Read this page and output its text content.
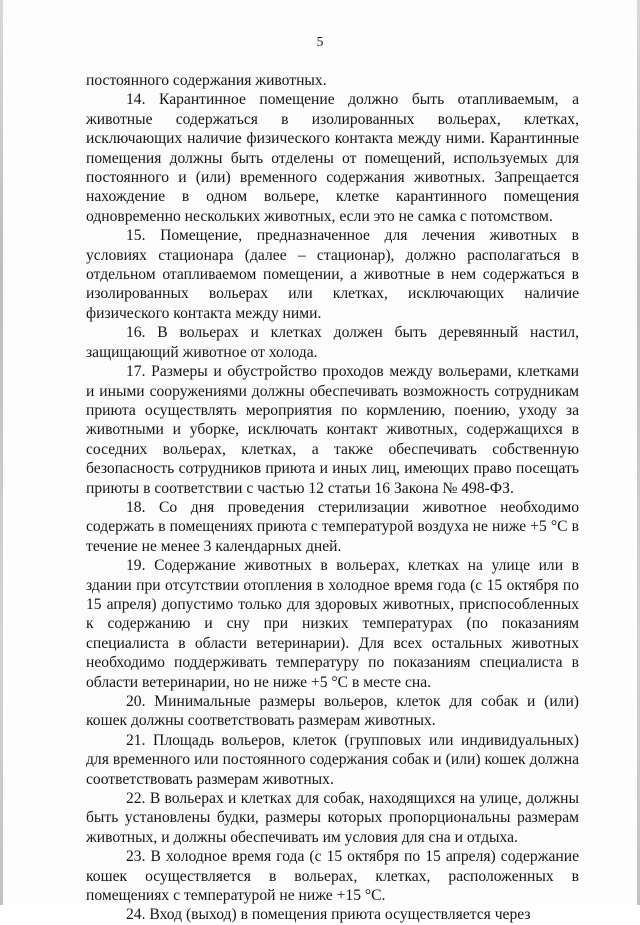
5

постоянного содержания животных.

14. Карантинное помещение должно быть отапливаемым, а животные содержаться в изолированных вольерах, клетках, исключающих наличие физического контакта между ними. Карантинные помещения должны быть отделены от помещений, используемых для постоянного и (или) временного содержания животных. Запрещается нахождение в одном вольере, клетке карантинного помещения одновременно нескольких животных, если это не самка с потомством.

15. Помещение, предназначенное для лечения животных в условиях стационара (далее – стационар), должно располагаться в отдельном отапливаемом помещении, а животные в нем содержаться в изолированных вольерах или клетках, исключающих наличие физического контакта между ними.

16. В вольерах и клетках должен быть деревянный настил, защищающий животное от холода.

17. Размеры и обустройство проходов между вольерами, клетками и иными сооружениями должны обеспечивать возможность сотрудникам приюта осуществлять мероприятия по кормлению, поению, уходу за животными и уборке, исключать контакт животных, содержащихся в соседних вольерах, клетках, а также обеспечивать собственную безопасность сотрудников приюта и иных лиц, имеющих право посещать приюты в соответствии с частью 12 статьи 16 Закона № 498-ФЗ.

18. Со дня проведения стерилизации животное необходимо содержать в помещениях приюта с температурой воздуха не ниже +5 °С в течение не менее 3 календарных дней.

19. Содержание животных в вольерах, клетках на улице или в здании при отсутствии отопления в холодное время года (с 15 октября по 15 апреля) допустимо только для здоровых животных, приспособленных к содержанию и сну при низких температурах (по показаниям специалиста в области ветеринарии). Для всех остальных животных необходимо поддерживать температуру по показаниям специалиста в области ветеринарии, но не ниже +5 °С в месте сна.

20. Минимальные размеры вольеров, клеток для собак и (или) кошек должны соответствовать размерам животных.

21. Площадь вольеров, клеток (групповых или индивидуальных) для временного или постоянного содержания собак и (или) кошек должна соответствовать размерам животных.

22. В вольерах и клетках для собак, находящихся на улице, должны быть установлены будки, размеры которых пропорциональны размерам животных, и должны обеспечивать им условия для сна и отдыха.

23. В холодное время года (с 15 октября по 15 апреля) содержание кошек осуществляется в вольерах, клетках, расположенных в помещениях с температурой не ниже +15 °С.

24. Вход (выход) в помещения приюта осуществляется через
